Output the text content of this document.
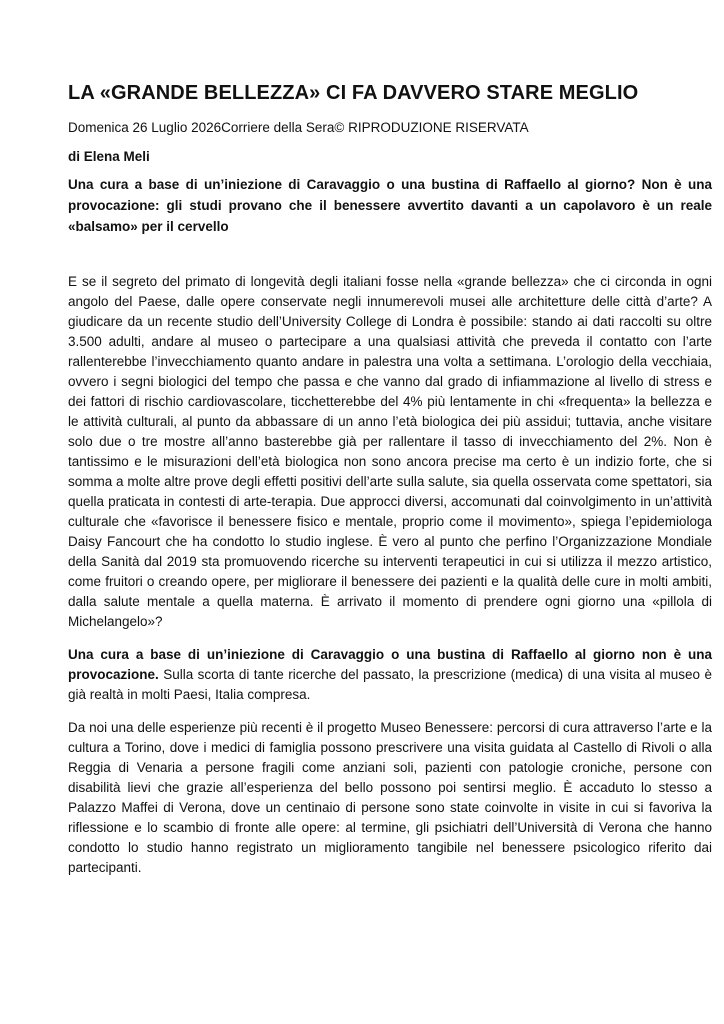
LA «GRANDE BELLEZZA» CI FA DAVVERO STARE MEGLIO

Domenica 26 Luglio 2026Corriere della Sera© RIPRODUZIONE RISERVATA

di Elena Meli

Una cura a base di un’iniezione di Caravaggio o una bustina di Raffaello al giorno? Non è una provocazione: gli studi provano che il benessere avvertito davanti a un capolavoro è un reale «balsamo» per il cervello

E se il segreto del primato di longevità degli italiani fosse nella «grande bellezza» che ci circonda in ogni angolo del Paese, dalle opere conservate negli innumerevoli musei alle architetture delle città d’arte? A giudicare da un recente studio dell’University College di Londra è possibile: stando ai dati raccolti su oltre 3.500 adulti, andare al museo o partecipare a una qualsiasi attività che preveda il contatto con l’arte rallenterebbe l’invecchiamento quanto andare in palestra una volta a settimana. L’orologio della vecchiaia, ovvero i segni biologici del tempo che passa e che vanno dal grado di infiammazione al livello di stress e dei fattori di rischio cardiovascolare, ticchetterebbe del 4% più lentamente in chi «frequenta» la bellezza e le attività culturali, al punto da abbassare di un anno l’età biologica dei più assidui; tuttavia, anche visitare solo due o tre mostre all’anno basterebbe già per rallentare il tasso di invecchiamento del 2%. Non è tantissimo e le misurazioni dell’età biologica non sono ancora precise ma certo è un indizio forte, che si somma a molte altre prove degli effetti positivi dell’arte sulla salute, sia quella osservata come spettatori, sia quella praticata in contesti di arte-terapia. Due approcci diversi, accomunati dal coinvolgimento in un’attività culturale che «favorisce il benessere fisico e mentale, proprio come il movimento», spiega l’epidemiologa Daisy Fancourt che ha condotto lo studio inglese. È vero al punto che perfino l’Organizzazione Mondiale della Sanità dal 2019 sta promuovendo ricerche su interventi terapeutici in cui si utilizza il mezzo artistico, come fruitori o creando opere, per migliorare il benessere dei pazienti e la qualità delle cure in molti ambiti, dalla salute mentale a quella materna. È arrivato il momento di prendere ogni giorno una «pillola di Michelangelo»?

Una cura a base di un’iniezione di Caravaggio o una bustina di Raffaello al giorno non è una provocazione. Sulla scorta di tante ricerche del passato, la prescrizione (medica) di una visita al museo è già realtà in molti Paesi, Italia compresa.

Da noi una delle esperienze più recenti è il progetto Museo Benessere: percorsi di cura attraverso l’arte e la cultura a Torino, dove i medici di famiglia possono prescrivere una visita guidata al Castello di Rivoli o alla Reggia di Venaria a persone fragili come anziani soli, pazienti con patologie croniche, persone con disabilità lievi che grazie all’esperienza del bello possono poi sentirsi meglio. È accaduto lo stesso a Palazzo Maffei di Verona, dove un centinaio di persone sono state coinvolte in visite in cui si favoriva la riflessione e lo scambio di fronte alle opere: al termine, gli psichiatri dell’Università di Verona che hanno condotto lo studio hanno registrato un miglioramento tangibile nel benessere psicologico riferito dai partecipanti.
